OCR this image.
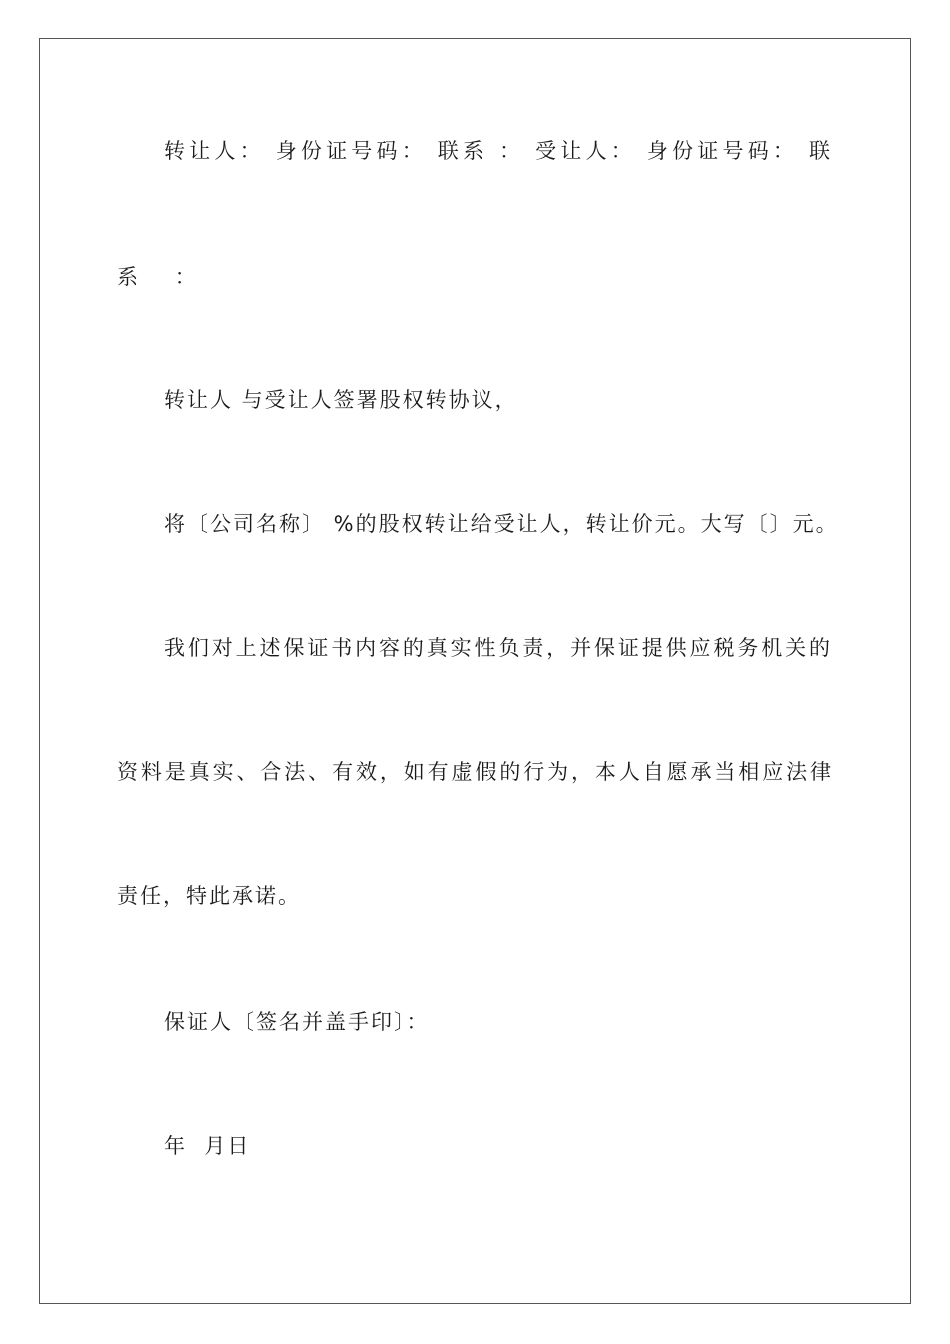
转让人： 身份证号码： 联系 ： 受让人： 身份证号码： 联

系    ：

转让人 与受让人签署股权转协议，

将〔公司名称〕 %的股权转让给受让人，转让价元。大写〔〕元。

我们对上述保证书内容的真实性负责，并保证提供应税务机关的

资料是真实、合法、有效，如有虚假的行为，本人自愿承当相应法律

责任，特此承诺。

保证人〔签名并盖手印〕：

年  月日
